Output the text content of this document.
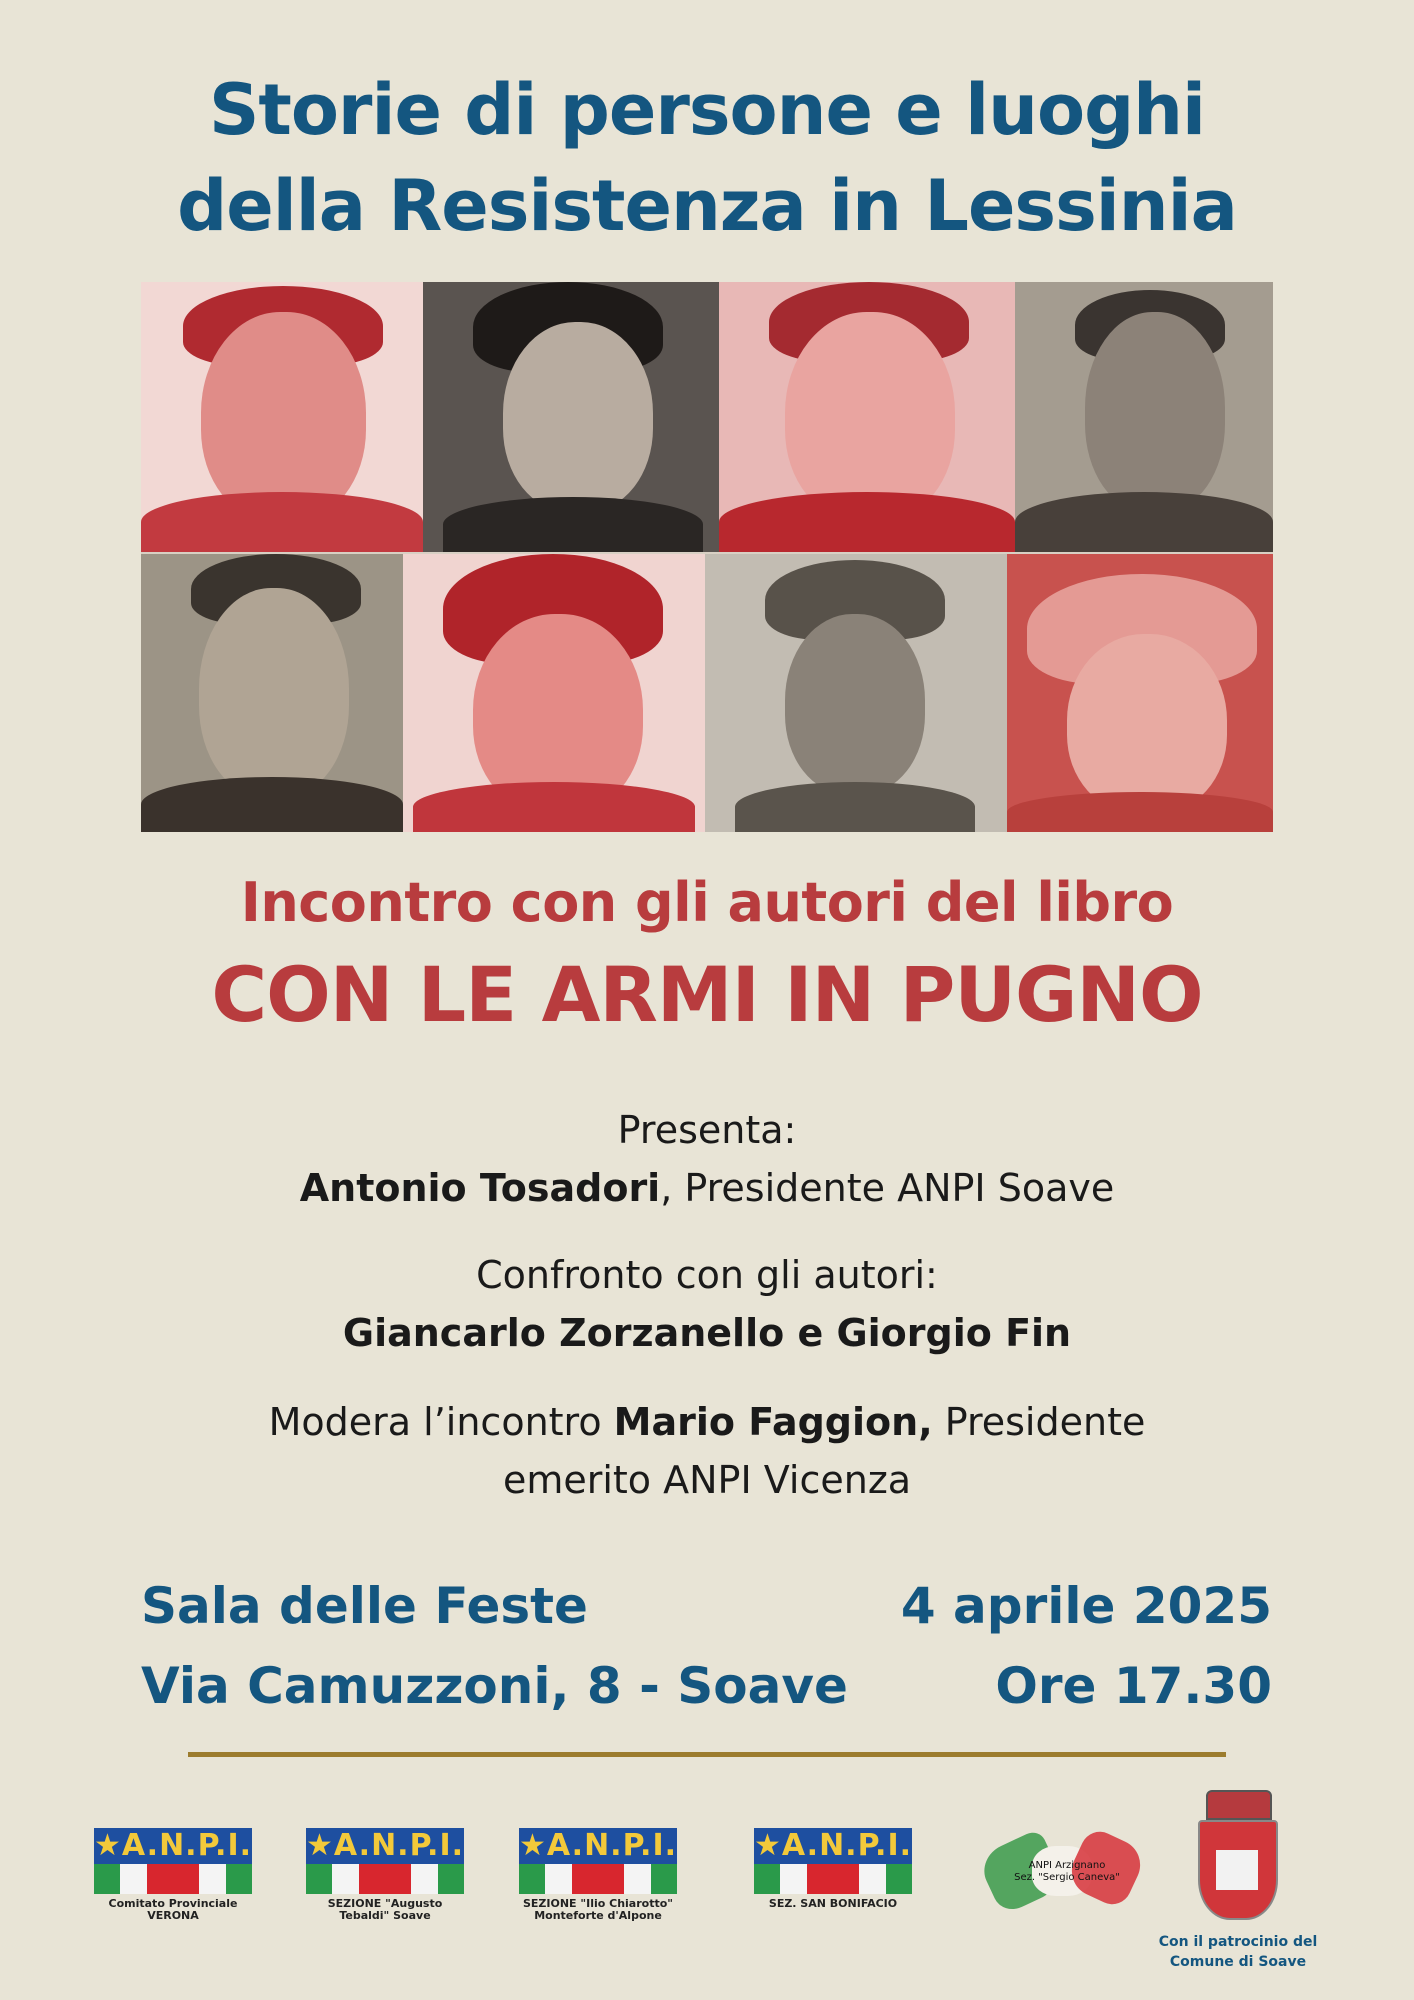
Storie di persone e luoghi
della Resistenza in Lessinia
Incontro con gli autori del libro
CON LE ARMI IN PUGNO

Presenta:
Antonio Tosadori, Presidente ANPI Soave

Confronto con gli autori:
Giancarlo Zorzanello e Giorgio Fin

Modera l’incontro Mario Faggion, Presidente
emerito ANPI Vicenza

Sala delle Feste
Via Camuzzoni, 8 - Soave

4 aprile 2025
Ore 17.30

★A.N.P.I.
Comitato Provinciale VERONA
★A.N.P.I.
SEZIONE "Augusto Tebaldi" Soave
★A.N.P.I.
SEZIONE "Ilio Chiarotto" Monteforte d'Alpone
★A.N.P.I.
SEZ. SAN BONIFACIO
ANPI Arzignano
Sez. "Sergio Caneva"
Con il patrocinio del
Comune di Soave
